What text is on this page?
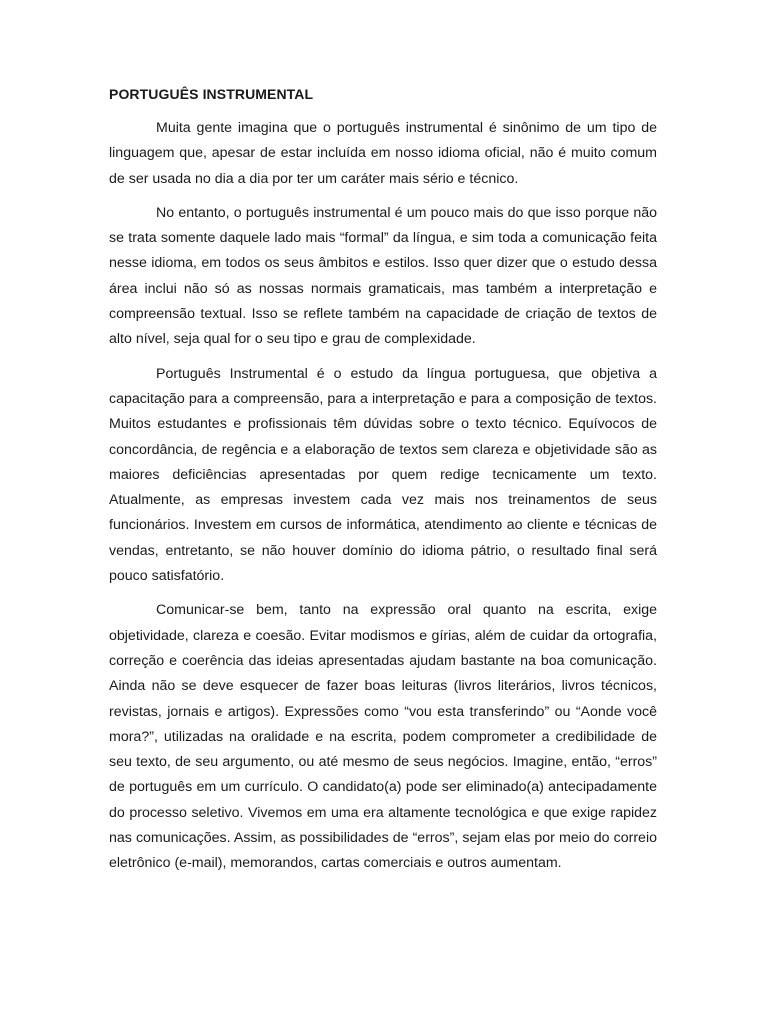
PORTUGUÊS INSTRUMENTAL

Muita gente imagina que o português instrumental é sinônimo de um tipo de linguagem que, apesar de estar incluída em nosso idioma oficial, não é muito comum de ser usada no dia a dia por ter um caráter mais sério e técnico.

No entanto, o português instrumental é um pouco mais do que isso porque não se trata somente daquele lado mais “formal” da língua, e sim toda a comunicação feita nesse idioma, em todos os seus âmbitos e estilos. Isso quer dizer que o estudo dessa área inclui não só as nossas normais gramaticais, mas também a interpretação e compreensão textual. Isso se reflete também na capacidade de criação de textos de alto nível, seja qual for o seu tipo e grau de complexidade.

Português Instrumental é o estudo da língua portuguesa, que objetiva a capacitação para a compreensão, para a interpretação e para a composição de textos. Muitos estudantes e profissionais têm dúvidas sobre o texto técnico. Equívocos de concordância, de regência e a elaboração de textos sem clareza e objetividade são as maiores deficiências apresentadas por quem redige tecnicamente um texto. Atualmente, as empresas investem cada vez mais nos treinamentos de seus funcionários. Investem em cursos de informática, atendimento ao cliente e técnicas de vendas, entretanto, se não houver domínio do idioma pátrio, o resultado final será pouco satisfatório.

Comunicar-se bem, tanto na expressão oral quanto na escrita, exige objetividade, clareza e coesão. Evitar modismos e gírias, além de cuidar da ortografia, correção e coerência das ideias apresentadas ajudam bastante na boa comunicação. Ainda não se deve esquecer de fazer boas leituras (livros literários, livros técnicos, revistas, jornais e artigos). Expressões como “vou esta transferindo” ou “Aonde você mora?”, utilizadas na oralidade e na escrita, podem comprometer a credibilidade de seu texto, de seu argumento, ou até mesmo de seus negócios. Imagine, então, “erros” de português em um currículo. O candidato(a) pode ser eliminado(a) antecipadamente do processo seletivo. Vivemos em uma era altamente tecnológica e que exige rapidez nas comunicações. Assim, as possibilidades de “erros”, sejam elas por meio do correio eletrônico (e-mail), memorandos, cartas comerciais e outros aumentam.
